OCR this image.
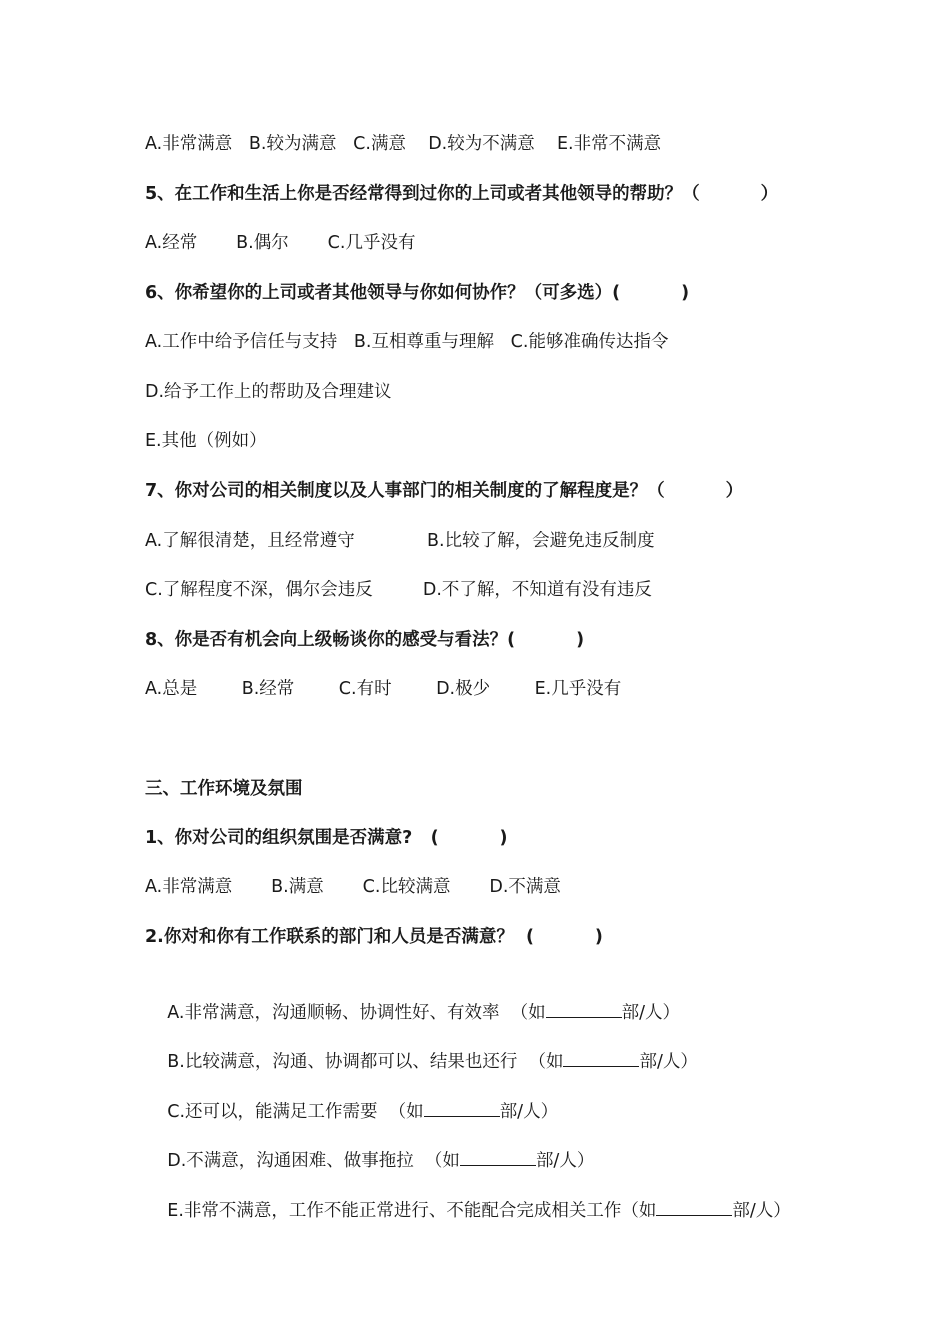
A.非常满意   B.较为满意   C.满意    D.较为不满意    E.非常不满意
5、在工作和生活上你是否经常得到过你的上司或者其他领导的帮助？（          ）
A.经常       B.偶尔       C.几乎没有
6、你希望你的上司或者其他领导与你如何协作？（可多选）(          )
A.工作中给予信任与支持   B.互相尊重与理解   C.能够准确传达指令
D.给予工作上的帮助及合理建议
E.其他（例如）
7、你对公司的相关制度以及人事部门的相关制度的了解程度是？（          ）
A.了解很清楚，且经常遵守             B.比较了解，会避免违反制度
C.了解程度不深，偶尔会违反         D.不了解，不知道有没有违反
8、你是否有机会向上级畅谈你的感受与看法？(          )
A.总是        B.经常        C.有时        D.极少        E.几乎没有
三、工作环境及氛围
1、你对公司的组织氛围是否满意?   (          )
A.非常满意       B.满意       C.比较满意       D.不满意
2.你对和你有工作联系的部门和人员是否满意？  (          )

A.非常满意，沟通顺畅、协调性好、有效率  （如	部/人）

B.比较满意，沟通、协调都可以、结果也还行  （如	部/人）

C.还可以，能满足工作需要  （如	部/人）

D.不满意，沟通困难、做事拖拉  （如	部/人）

E.非常不满意，工作不能正常进行、不能配合完成相关工作（如	部/人）
